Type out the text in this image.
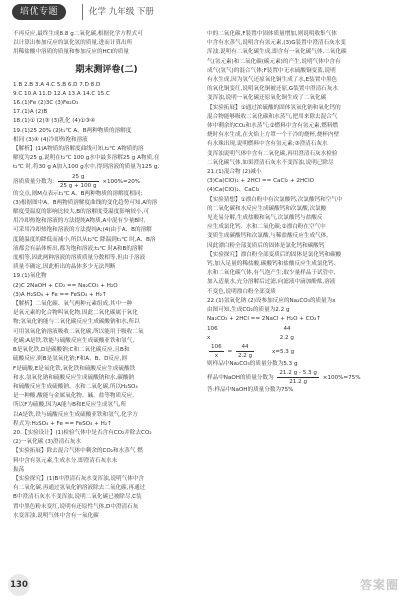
培优专题	化学 九年级 下册

不再反应,最终生成8.8 g二氧化碳,根据化学方程式可

以计算出参加反应的氯化氢的质量,进而计算出所

用稀盐酸中溶质的质量和参加反应的HCl的质量

期末测评卷(二)

1.B 2.B 3.A 4.C 5.B 6.D 7.D 8.D

9.C 10.A 11.D 12.A 13.A 14.C 15.C

16.(1)Fe (2)3C (3)Fe₂O₃

17.(1)A (2)B

18.(1)① (2)③ (3)乳化 (4)①③④

19.(1)25 20% (2)t₁℃ A、B两种物质的溶解度

相同 (3)④ (4)冷却热饱和溶液

【解析】(1)A物质的溶解度曲线可知,t₂℃ A物质的溶

解度为25 g,说明在t₂℃ 100 g水中最多溶解25 g A物质,在

t₂℃ 时,将30 g A加入100 g水中,得到溶液的质量为125 g,

溶质质量分数为: $\frac{25 g}{25 g + 100 g} \times 100\%=20\%$

的交点,则M点表示t₁℃ A、B两种物质的溶解度相同;

(3)根据图中A、B两物质溶解度曲线的变化趋势可知,A的溶

解度受温度的影响比较大,B的溶解度受温度影响较小,可

用冷却热饱和溶液的方法提纯A物质,A中混有少量B时,

可采用冷却热饱和溶液的方法提纯A;(4)由于A、B的溶解

度随温度的降低而减小,所以从t₂℃ 降温到t₁℃ 时,A、B溶

液都会有晶体析出,都为饱和溶液;t₁℃ 时A和B的溶解

度相等,因此两种溶液的溶质质量分数相等,但由于溶液

质量不确定,因此析出的晶体多少无法判断

19.(1)氧化物

(2)C 2NaOH + CO₂ == Na₂CO₃ + H₂O

(3)A H₂SO₄ + Fe == FeSO₄ + H₂↑

【解析】二氧化碳、氧气两种元素组成,其中一种

是氧元素的化合物叫氧化物,因此二氧化碳属于氧化

物;氢氧化钠能与二氧化碳反应生成碳酸钠和水,所以

可用氢氧化钠溶液吸收二氧化碳,所以能用于吸收二氧

化碳;A是铁,铁能与硫酸反应生成硫酸亚铁和氢气,

B是氧化铁,D是碳酸钠;C和二氧化碳反应,且B和

硫酸反应,则B是氢氧化钠;F和A、B、D反应,则

F是硫酸,E是氧化铁,氧化铁和硫酸反应生成硫酸铁

和水,氢氧化钠和硫酸反应生成硫酸钠和水,碳酸钠

和硫酸反应生成硫酸钠、水和二氧化碳,所以H₂SO₄

是一种酸,酸能与金属氧化物、碱、盐等物质反应,

所以F为硫酸,因为A能与B和E反应生成氢气,所

以A是铁,铁与硫酸反应生成硫酸亚铁和氢气,化学方

程式为:H₂SO₄ + Fe == FeSO₄ + H₂↑

20.【实验设计】(1)检验气体中是否含有CO₂并除去CO₂

(2)一氧化碳 (3)澄清石灰水

【实验拓展】除去混合气体中剩余的CO₂和水蒸气 燃

料中含有氢元素,生成水分,即澄清石灰水未

振荡

【实验探究】(1)B中澄清石灰水变浑浊,说明气体中含

有二氧化碳,再通过氢氧化钠溶液除去二氧化碳,再通过

B中澄清石灰水不变浑浊,说明二氧化碳已被除尽,C装

置中黑色粉末变红,说明有还原性气体,D中澄清石灰

水变浑浊,说明气体中含有一氧化碳

中的二氧化碳,F装置中固体质量增加,则说明收集气体

中含有水蒸气,说明含有氢元素,(3)G装置中澄清石灰水变

浑浊,说明有二氧化碳生成,即含有一氧化碳气体,二氧化碳

气(氢元素)和二氧化碳(碳元素)的产生,说明气体中含有

成气(氢气)的混合气体;F装置中无水硫酸铜变蓝,说明

有水生成,因为氢气还原氧化铜生成了水,E装置中黑色

的氧化铜变红,说明氧化铜被还原,G装置中澄清石灰水

变浑浊,说明一氧化碳还原氧化铜生成了二氧化碳

【实验拓展】①通过浓硫酸的固体氢氧化钠和氧化钙的

混合物能够吸收二氧化碳和水蒸气,把用来除去混合气

体中剩余的CO₂和水蒸气;②燃料中含有氢元素,燃料燃

烧时有水生成,在火焰上方罩一个干冷的烧杯,烧杯内壁

有水珠出现,说明燃料中含有氢元素;③澄清石灰水

变浑浊说明气体中含有二氧化碳,再用澄清石灰水检验

二氧化碳气体,如果澄清石灰水不变浑浊,说明已除尽

21.(1)混合物 (2)减小

(3)Ca(ClO)₂ + 2HCl == CaCl₂ + 2HClO

(4)Ca(ClO)₂、CaCl₂

【实验猜想】①漂白粉中有次氯酸钙,次氯酸钙和空气中

的二氧化碳和水反应生成碳酸钙和次氯酸,次氯酸

见光易分解,生成盐酸和氧气,次氯酸钙与盐酸反

应生成氯化钙、水和二氧化碳;②漂白粉在空气中

变质生成碳酸钙和次氯酸,与稀盐酸反应生成气体,

因此漂白粉全部变质后的固体是氯化钙和碳酸钙

【实验探究】漂白粉全部变质后的固体是氯化钙和碳酸

钙,加入足量的稀盐酸,碳酸钙和盐酸反应生成氯化钙、

水和二氧化碳气体,有气泡产生;取少量样品于试管中,

加入适量水,充分溶解后过滤,向滤液中滴加酚酞,溶液

不变色,说明漂白粉全部变质

22.(1)氢氧化钠 (2)设参加反应的Na₂CO₃的质量为x

由图可知,生成CO₂的质量为2.2 g

Na₂CO₃ + 2HCl == 2NaCl + H₂O + CO₂↑

106                                     44

x                                       2.2 g

$\frac{106}{x} = \frac{44}{2.2 g}$	x=5.3 g

则样品中Na₂CO₃的质量分数为5.3 g

样品中NaOH的质量分数为 $\frac{21.2 g - 5.3 g}{21.2 g} \times 100\%=75\%$

答:样品中NaOH的质量分数为75%

130	答案圈
